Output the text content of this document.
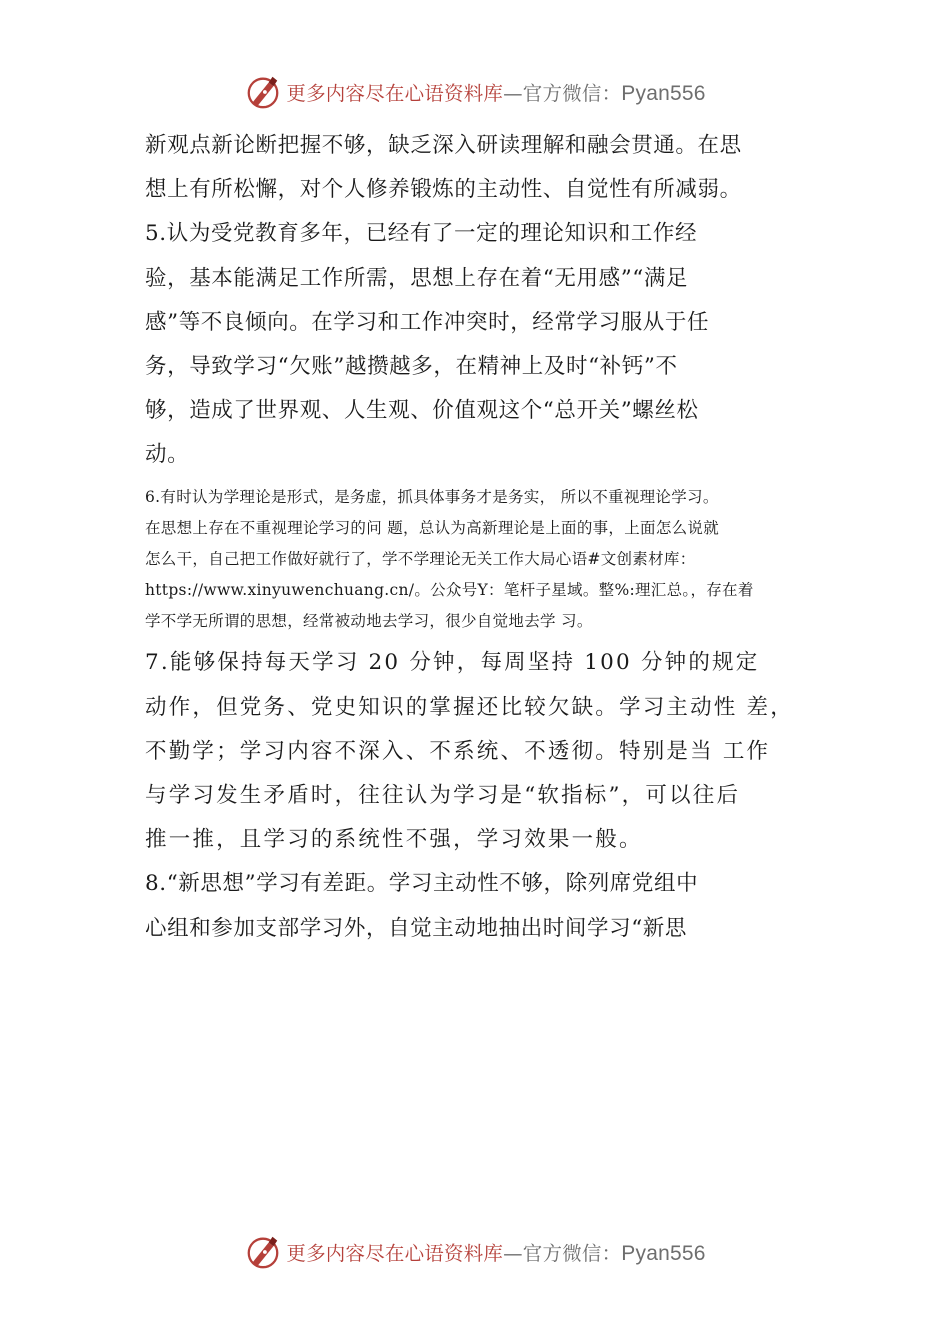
更多内容尽在心语资料库—官方微信：Pyan556
新观点新论断把握不够，缺乏深入研读理解和融会贯通。在思
想上有所松懈，对个人修养锻炼的主动性、自觉性有所减弱。
5.认为受党教育多年，已经有了一定的理论知识和工作经
验，基本能满足工作所需，思想上存在着“无用感”“满足
感”等不良倾向。在学习和工作冲突时，经常学习服从于任
务，导致学习“欠账”越攒越多，在精神上及时“补钙”不
够，造成了世界观、人生观、价值观这个“总开关”螺丝松
动。
6.有时认为学理论是形式，是务虚，抓具体事务才是务实， 所以不重视理论学习。
在思想上存在不重视理论学习的问 题，总认为高新理论是上面的事，上面怎么说就
怎么干，自己把工作做好就行了，学不学理论无关工作大局心语#文创素材库：
https://www.xinyuwenchuang.cn/。公众号Y：笔杆子星域。整%:理汇总。，存在着
学不学无所谓的思想，经常被动地去学习，很少自觉地去学 习。
7.能够保持每天学习 20 分钟，每周坚持 100 分钟的规定
动作，但党务、党史知识的掌握还比较欠缺。学习主动性 差，
不勤学；学习内容不深入、不系统、不透彻。特别是当 工作
与学习发生矛盾时，往往认为学习是“软指标”，可以往后
推一推，且学习的系统性不强，学习效果一般。
8.“新思想”学习有差距。学习主动性不够，除列席党组中
心组和参加支部学习外，自觉主动地抽出时间学习“新思
更多内容尽在心语资料库—官方微信：Pyan556
